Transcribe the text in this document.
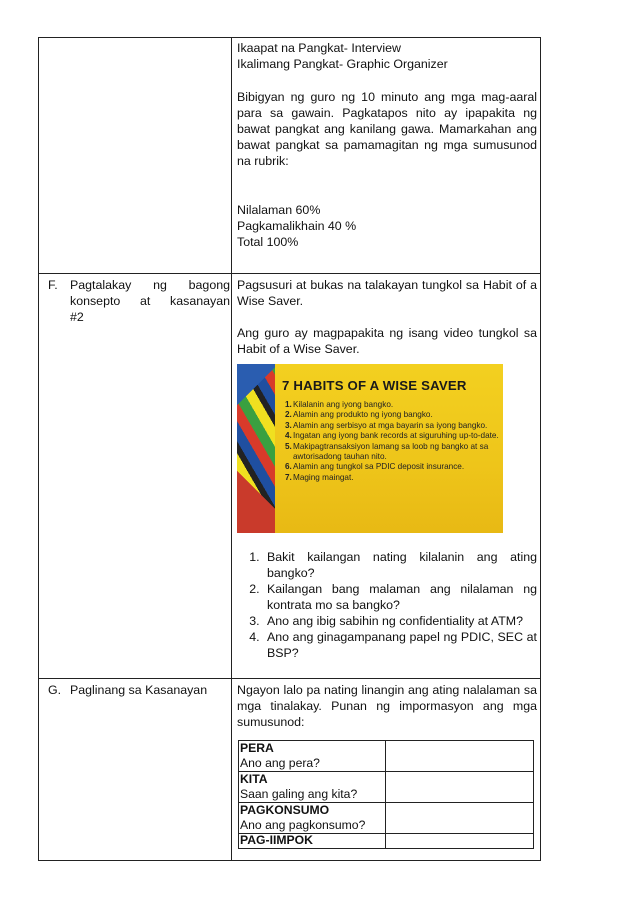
Ikaapat na Pangkat- Interview

Ikalimang Pangkat- Graphic Organizer

Bibigyan ng guro ng 10 minuto ang mga mag-aaral para sa gawain. Pagkatapos nito ay ipapakita ng bawat pangkat ang kanilang gawa. Mamarkahan ang bawat pangkat sa pamamagitan ng mga sumusunod na rubrik:

Nilalaman 60%

Pagkamalikhain 40 %

Total 100%

F. Pagtalakay ng bagong
konsepto at kasanayan
#2

Pagsusuri at bukas na talakayan tungkol sa Habit of a Wise Saver.

Ang guro ay magpapakita ng isang video tungkol sa Habit of a Wise Saver.

7 HABITS OF A WISE SAVER
1. Kilalanin ang iyong bangko.
2. Alamin ang produkto ng iyong bangko.
3. Alamin ang serbisyo at mga bayarin sa iyong bangko.
4. Ingatan ang iyong bank records at siguruhing up-to-date.
5. Makipagtransaksiyon lamang sa loob ng bangko at sa awtorisadong tauhan nito.
6. Alamin ang tungkol sa PDIC deposit insurance.
7. Maging maingat.
1. Bakit kailangan nating kilalanin ang ating bangko?
2. Kailangan bang malaman ang nilalaman ng kontrata mo sa bangko?
3. Ano ang ibig sabihin ng confidentiality at ATM?
4. Ano ang ginagampanang papel ng PDIC, SEC at BSP?
G. Paglinang sa Kasanayan	Ngayon lalo pa nating linangin ang ating nalalaman sa mga tinalakay. Punan ng impormasyon ang mga sumusunod:

PERA
Ano ang pera?
KITA
Saan galing ang kita?
PAGKONSUMO
Ano ang pagkonsumo?
PAG-IIMPOK
